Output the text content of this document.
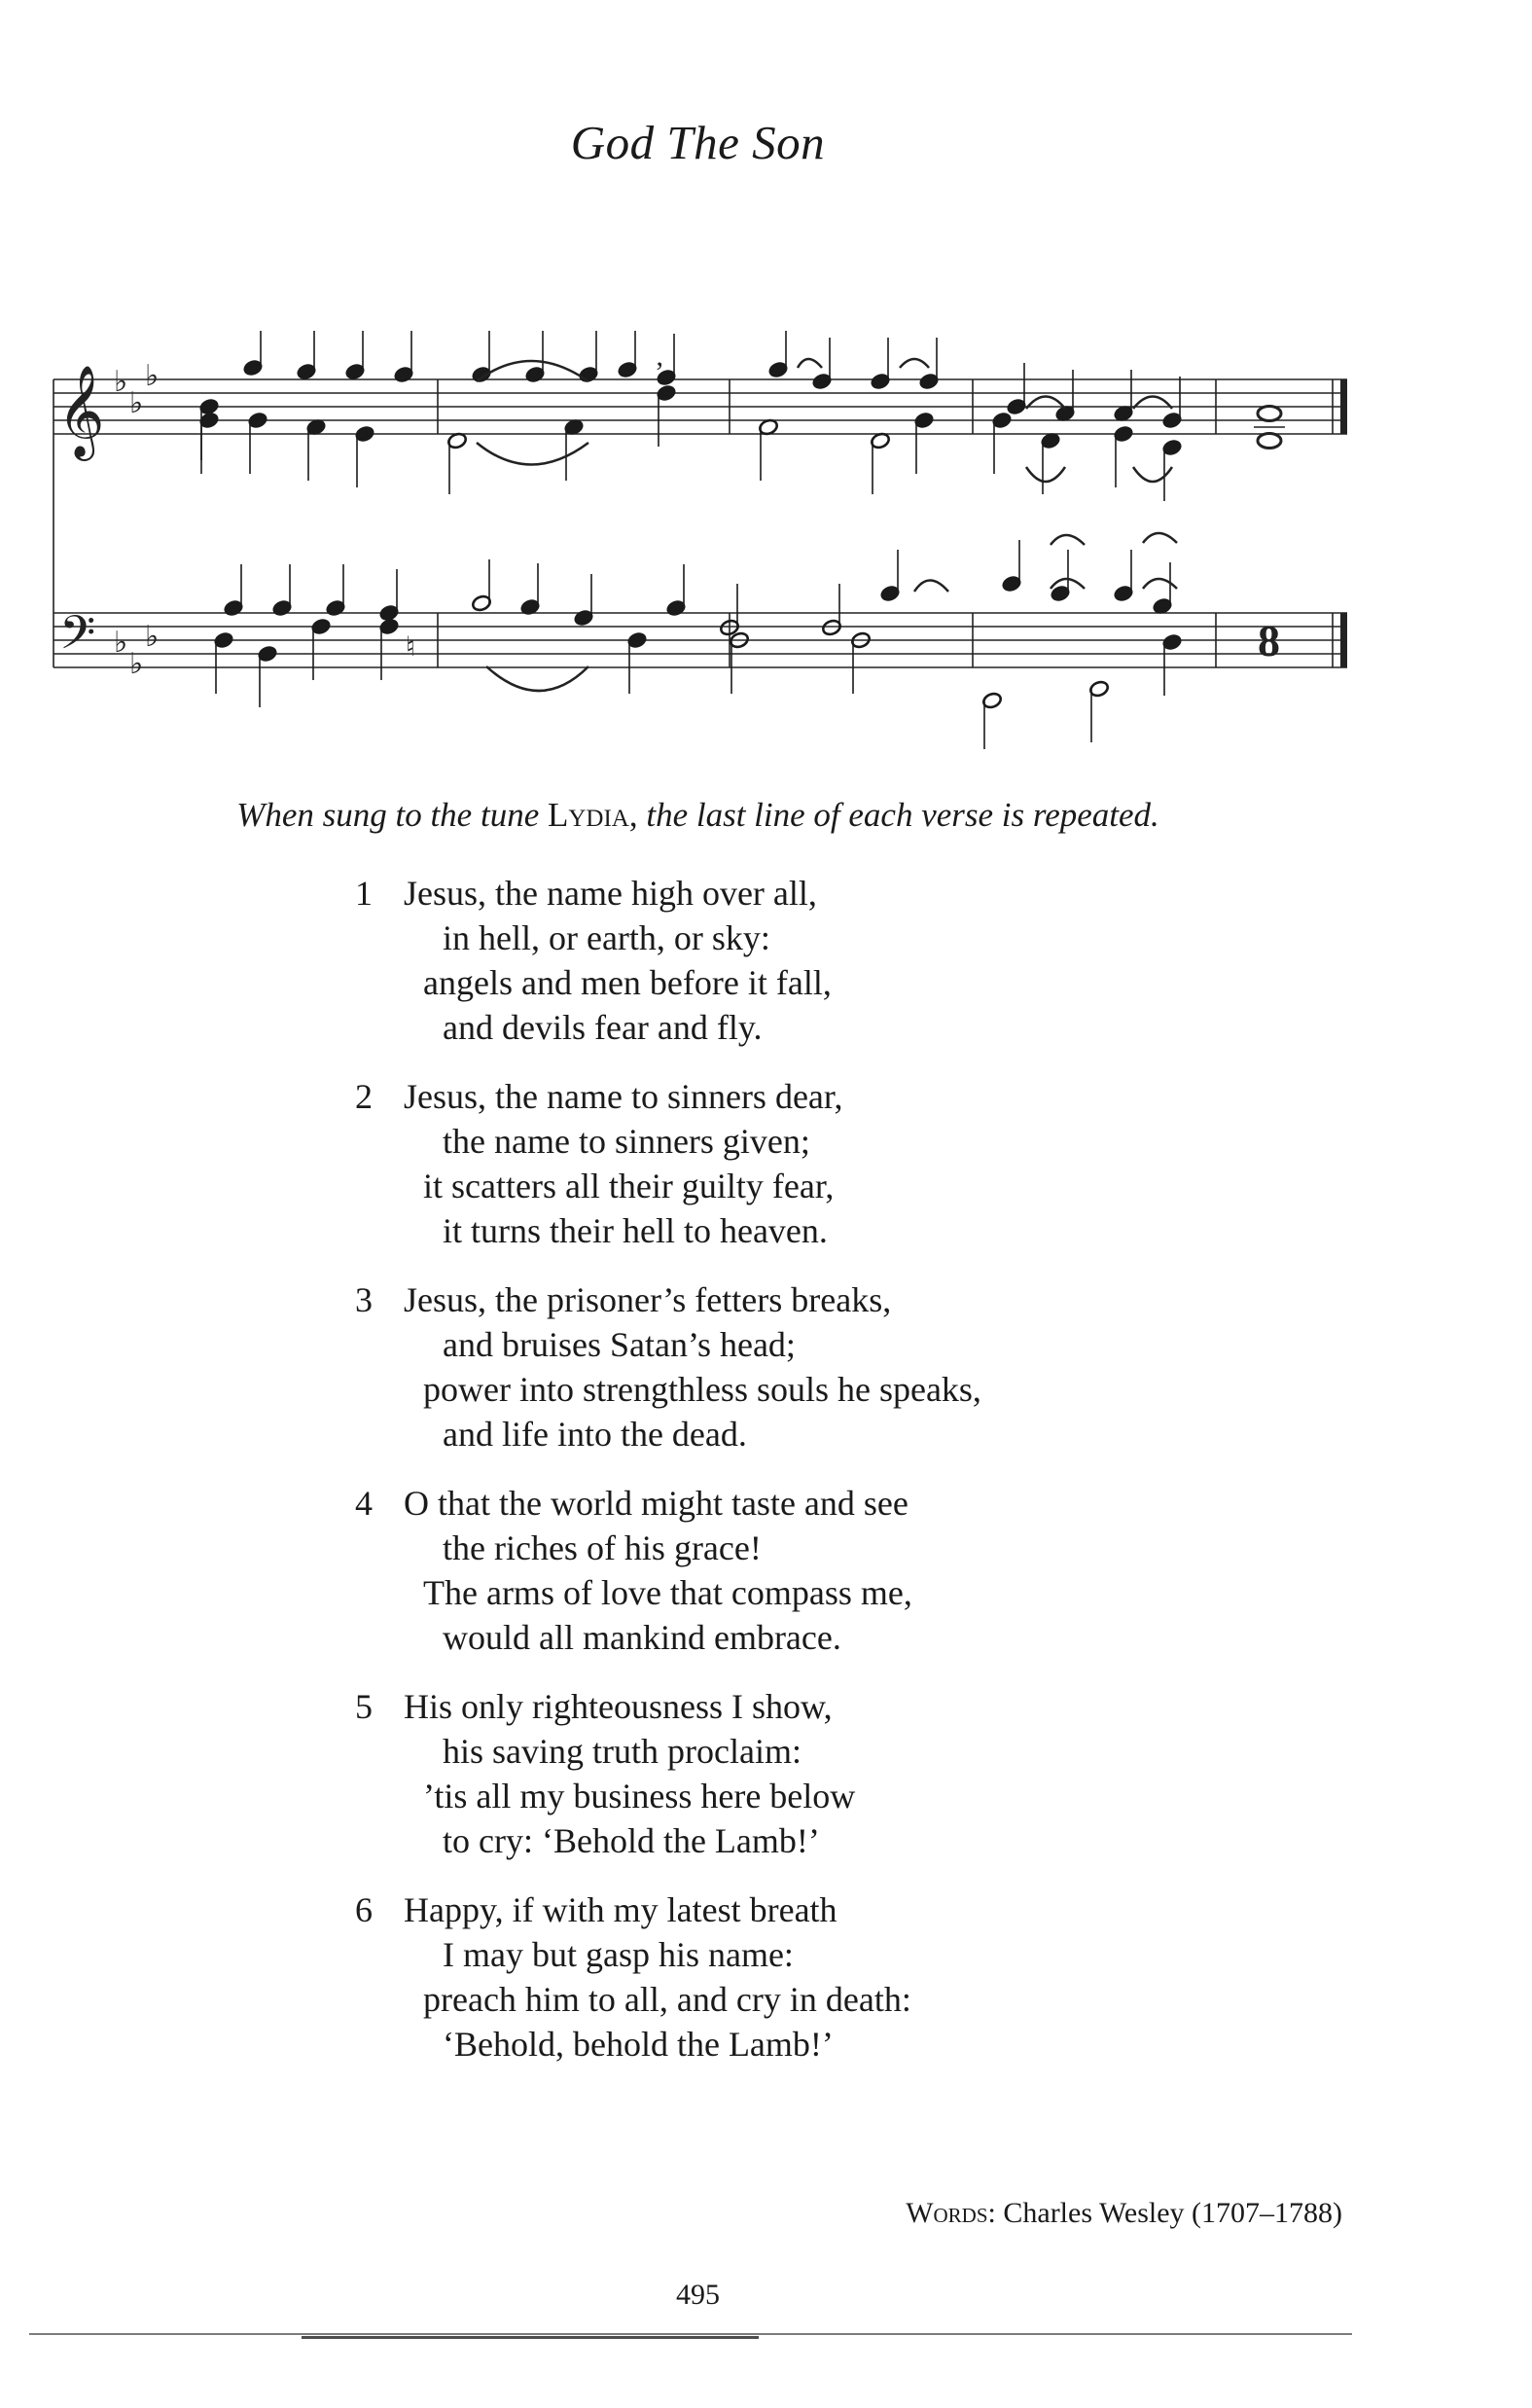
God The Son
𝄞
𝄢
♭
♭
♭
♭
♭
♭
’
♮	8
When sung to the tune Lydia, the last line of each verse is repeated.
1 Jesus, the name high over all,
in hell, or earth, or sky:
angels and men before it fall,
and devils fear and fly.
2 Jesus, the name to sinners dear,
the name to sinners given;
it scatters all their guilty fear,
it turns their hell to heaven.
3 Jesus, the prisoner’s fetters breaks,
and bruises Satan’s head;
power into strengthless souls he speaks,
and life into the dead.
4 O that the world might taste and see
the riches of his grace!
The arms of love that compass me,
would all mankind embrace.
5 His only righteousness I show,
his saving truth proclaim:
’tis all my business here below
to cry: ‘Behold the Lamb!’
6 Happy, if with my latest breath
I may but gasp his name:
preach him to all, and cry in death:
‘Behold, behold the Lamb!’
Words: Charles Wesley (1707–1788)
495
